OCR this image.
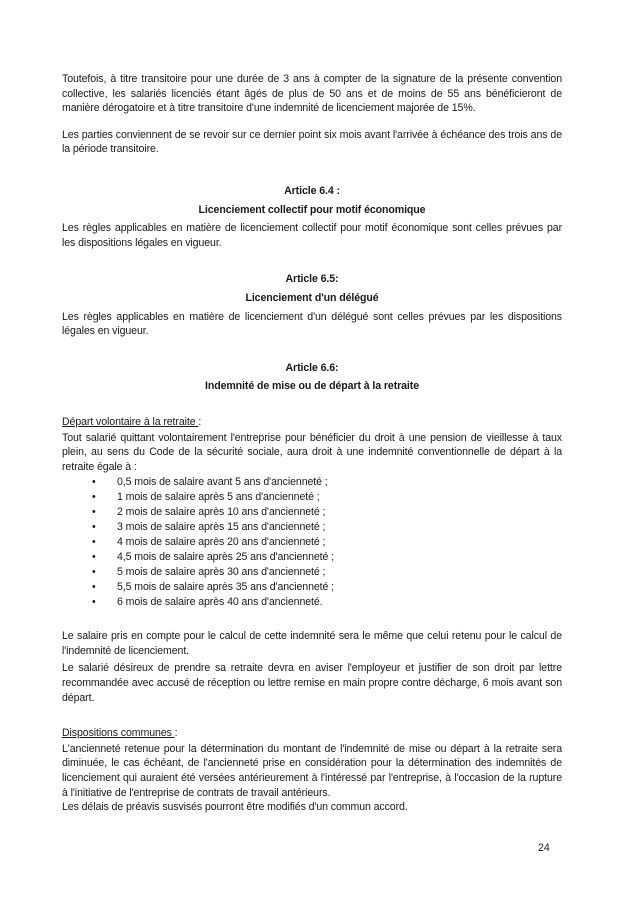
Toutefois, à titre transitoire pour une durée de 3 ans à compter de la signature de la présente convention collective, les salariés licenciés étant âgés de plus de 50 ans et de moins de 55 ans bénéficieront de manière dérogatoire et à titre transitoire d'une indemnité de licenciement majorée de 15%.

Les parties conviennent de se revoir sur ce dernier point six mois avant l'arrivée à échéance des trois ans de la période transitoire.

Article 6.4 :
Licenciement collectif pour motif économique

Les règles applicables en matière de licenciement collectif pour motif économique sont celles prévues par les dispositions légales en vigueur.

Article 6.5:
Licenciement d'un délégué

Les règles applicables en matière de licenciement d'un délégué sont celles prévues par les dispositions légales en vigueur.

Article 6.6:
Indemnité de mise ou de départ à la retraite
Départ volontaire à la retraite :

Tout salarié quittant volontairement l'entreprise pour bénéficier du droit à une pension de vieillesse à taux plein, au sens du Code de la sécurité sociale, aura droit à une indemnité conventionnelle de départ à la retraite égale à :

• 0,5 mois de salaire avant 5 ans d'ancienneté ;
• 1 mois de salaire après 5 ans d'ancienneté ;
• 2 mois de salaire après 10 ans d'ancienneté ;
• 3 mois de salaire après 15 ans d'ancienneté ;
• 4 mois de salaire après 20 ans d'ancienneté ;
• 4,5 mois de salaire après 25 ans d'ancienneté ;
• 5 mois de salaire après 30 ans d'ancienneté ;
• 5,5 mois de salaire après 35 ans d'ancienneté ;
• 6 mois de salaire après 40 ans d'ancienneté.

Le salaire pris en compte pour le calcul de cette indemnité sera le même que celui retenu pour le calcul de l'indemnité de licenciement.

Le salarié désireux de prendre sa retraite devra en aviser l'employeur et justifier de son droit par lettre recommandée avec accusé de réception ou lettre remise en main propre contre décharge, 6 mois avant son départ.

Dispositions communes :

L'ancienneté retenue pour la détermination du montant de l'indemnité de mise ou départ à la retraite sera diminuée, le cas échéant, de l'ancienneté prise en considération pour la détermination des indemnités de licenciement qui auraient été versées antérieurement à l'intéressé par l'entreprise, à l'occasion de la rupture à l'initiative de l'entreprise de contrats de travail antérieurs.

Les délais de préavis susvisés pourront être modifiés d'un commun accord.

24
